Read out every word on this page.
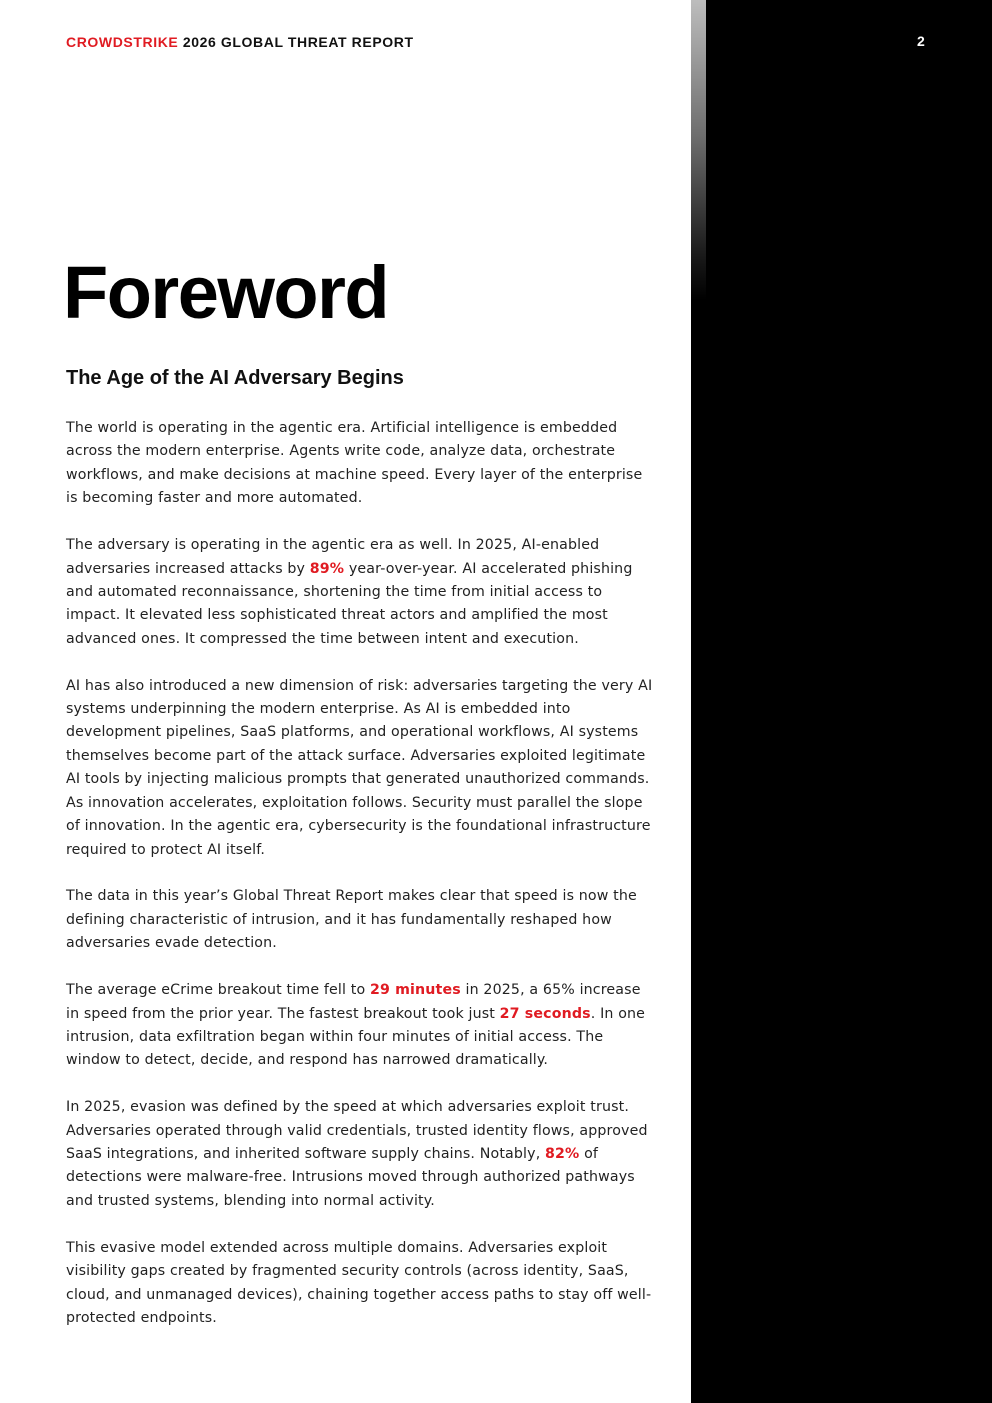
2
CROWDSTRIKE 2026 GLOBAL THREAT REPORT
Foreword
The Age of the AI Adversary Begins

The world is operating in the agentic era. Artificial intelligence is embedded across the modern enterprise. Agents write code, analyze data, orchestrate workflows, and make decisions at machine speed. Every layer of the enterprise is becoming faster and more automated.

The adversary is operating in the agentic era as well. In 2025, AI-enabled adversaries increased attacks by 89% year-over-year. AI accelerated phishing and automated reconnaissance, shortening the time from initial access to impact. It elevated less sophisticated threat actors and amplified the most advanced ones. It compressed the time between intent and execution.

AI has also introduced a new dimension of risk: adversaries targeting the very AI systems underpinning the modern enterprise. As AI is embedded into development pipelines, SaaS platforms, and operational workflows, AI systems themselves become part of the attack surface. Adversaries exploited legitimate AI tools by injecting malicious prompts that generated unauthorized commands. As innovation accelerates, exploitation follows. Security must parallel the slope of innovation. In the agentic era, cybersecurity is the foundational infrastructure required to protect AI itself.

The data in this year’s Global Threat Report makes clear that speed is now the defining characteristic of intrusion, and it has fundamentally reshaped how adversaries evade detection.

The average eCrime breakout time fell to 29 minutes in 2025, a 65% increase in speed from the prior year. The fastest breakout took just 27 seconds. In one intrusion, data exfiltration began within four minutes of initial access. The window to detect, decide, and respond has narrowed dramatically.

In 2025, evasion was defined by the speed at which adversaries exploit trust. Adversaries operated through valid credentials, trusted identity flows, approved SaaS integrations, and inherited software supply chains. Notably, 82% of detections were malware-free. Intrusions moved through authorized pathways and trusted systems, blending into normal activity.

This evasive model extended across multiple domains. Adversaries exploit visibility gaps created by fragmented security controls (across identity, SaaS, cloud, and unmanaged devices), chaining together access paths to stay off well-protected endpoints.
